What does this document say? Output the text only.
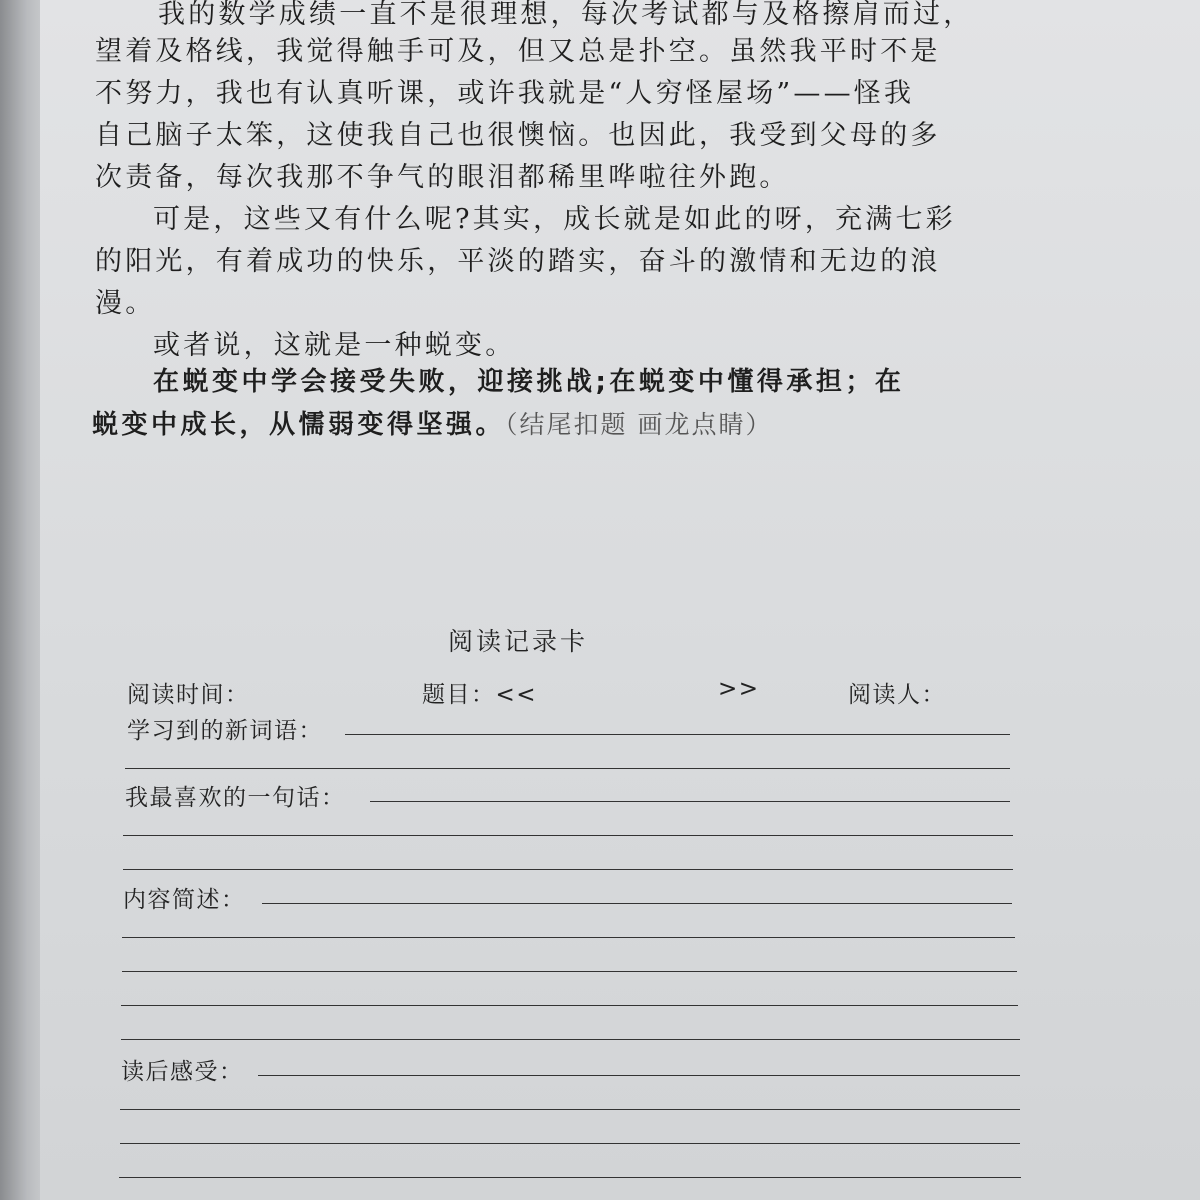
我的数学成绩一直不是很理想，每次考试都与及格擦肩而过，
望着及格线，我觉得触手可及，但又总是扑空。虽然我平时不是
不努力，我也有认真听课，或许我就是“人穷怪屋场”——怪我
自己脑子太笨，这使我自己也很懊恼。也因此，我受到父母的多
次责备，每次我那不争气的眼泪都稀里哗啦往外跑。
可是，这些又有什么呢?其实，成长就是如此的呀，充满七彩
的阳光，有着成功的快乐，平淡的踏实，奋斗的激情和无边的浪
漫。
或者说，这就是一种蜕变。
在蜕变中学会接受失败，迎接挑战;在蜕变中懂得承担；在
蜕变中成长，从懦弱变得坚强。（结尾扣题 画龙点睛）
阅读记录卡
阅读时间：	题目：<<	>>	阅读人：
学习到的新词语：
我最喜欢的一句话：
内容简述：
读后感受：
